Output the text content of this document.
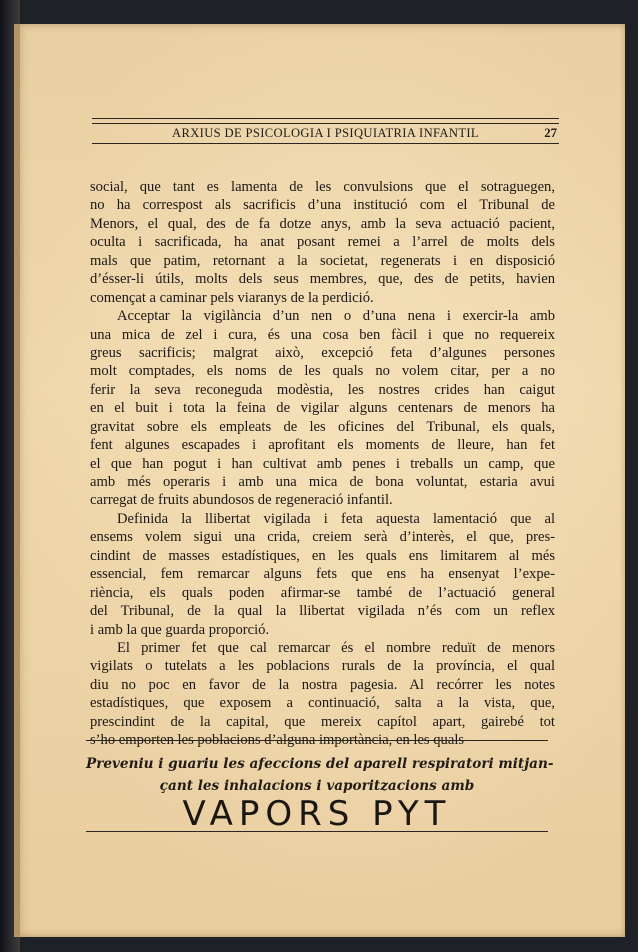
ARXIUS DE PSICOLOGIA I PSIQUIATRIA INFANTIL	27
social, que tant es lamenta de les convulsions que el sotraguegen,
no ha correspost als sacrificis d’una institució com el Tribunal de
Menors, el qual, des de fa dotze anys, amb la seva actuació pacient,
oculta i sacrificada, ha anat posant remei a l’arrel de molts dels
mals que patim, retornant a la societat, regenerats i en disposició
d’ésser-li útils, molts dels seus membres, que, des de petits, havien
començat a caminar pels viaranys de la perdició.
Acceptar la vigilància d’un nen o d’una nena i exercir-la amb
una mica de zel i cura, és una cosa ben fàcil i que no requereix
greus sacrificis; malgrat això, excepció feta d’algunes persones
molt comptades, els noms de les quals no volem citar, per a no
ferir la seva reconeguda modèstia, les nostres crides han caigut
en el buit i tota la feina de vigilar alguns centenars de menors ha
gravitat sobre els empleats de les oficines del Tribunal, els quals,
fent algunes escapades i aprofitant els moments de lleure, han fet
el que han pogut i han cultivat amb penes i treballs un camp, que
amb més operaris i amb una mica de bona voluntat, estaria avui
carregat de fruits abundosos de regeneració infantil.
Definida la llibertat vigilada i feta aquesta lamentació que al
ensems volem sigui una crida, creiem serà d’interès, el que, pres-
cindint de masses estadístiques, en les quals ens limitarem al més
essencial, fem remarcar alguns fets que ens ha ensenyat l’expe-
riència, els quals poden afirmar-se també de l’actuació general
del Tribunal, de la qual la llibertat vigilada n’és com un reflex
i amb la que guarda proporció.
El primer fet que cal remarcar és el nombre reduït de menors
vigilats o tutelats a les poblacions rurals de la província, el qual
diu no poc en favor de la nostra pagesia. Al recórrer les notes
estadístiques, que exposem a continuació, salta a la vista, que,
prescindint de la capital, que mereix capítol apart, gairebé tot
s’ho emporten les poblacions d’alguna importància, en les quals
Preveniu i guariu les afeccions del aparell respiratori mitjan-
çant les inhalacions i vaporitzacions amb
VAPORS PYT
